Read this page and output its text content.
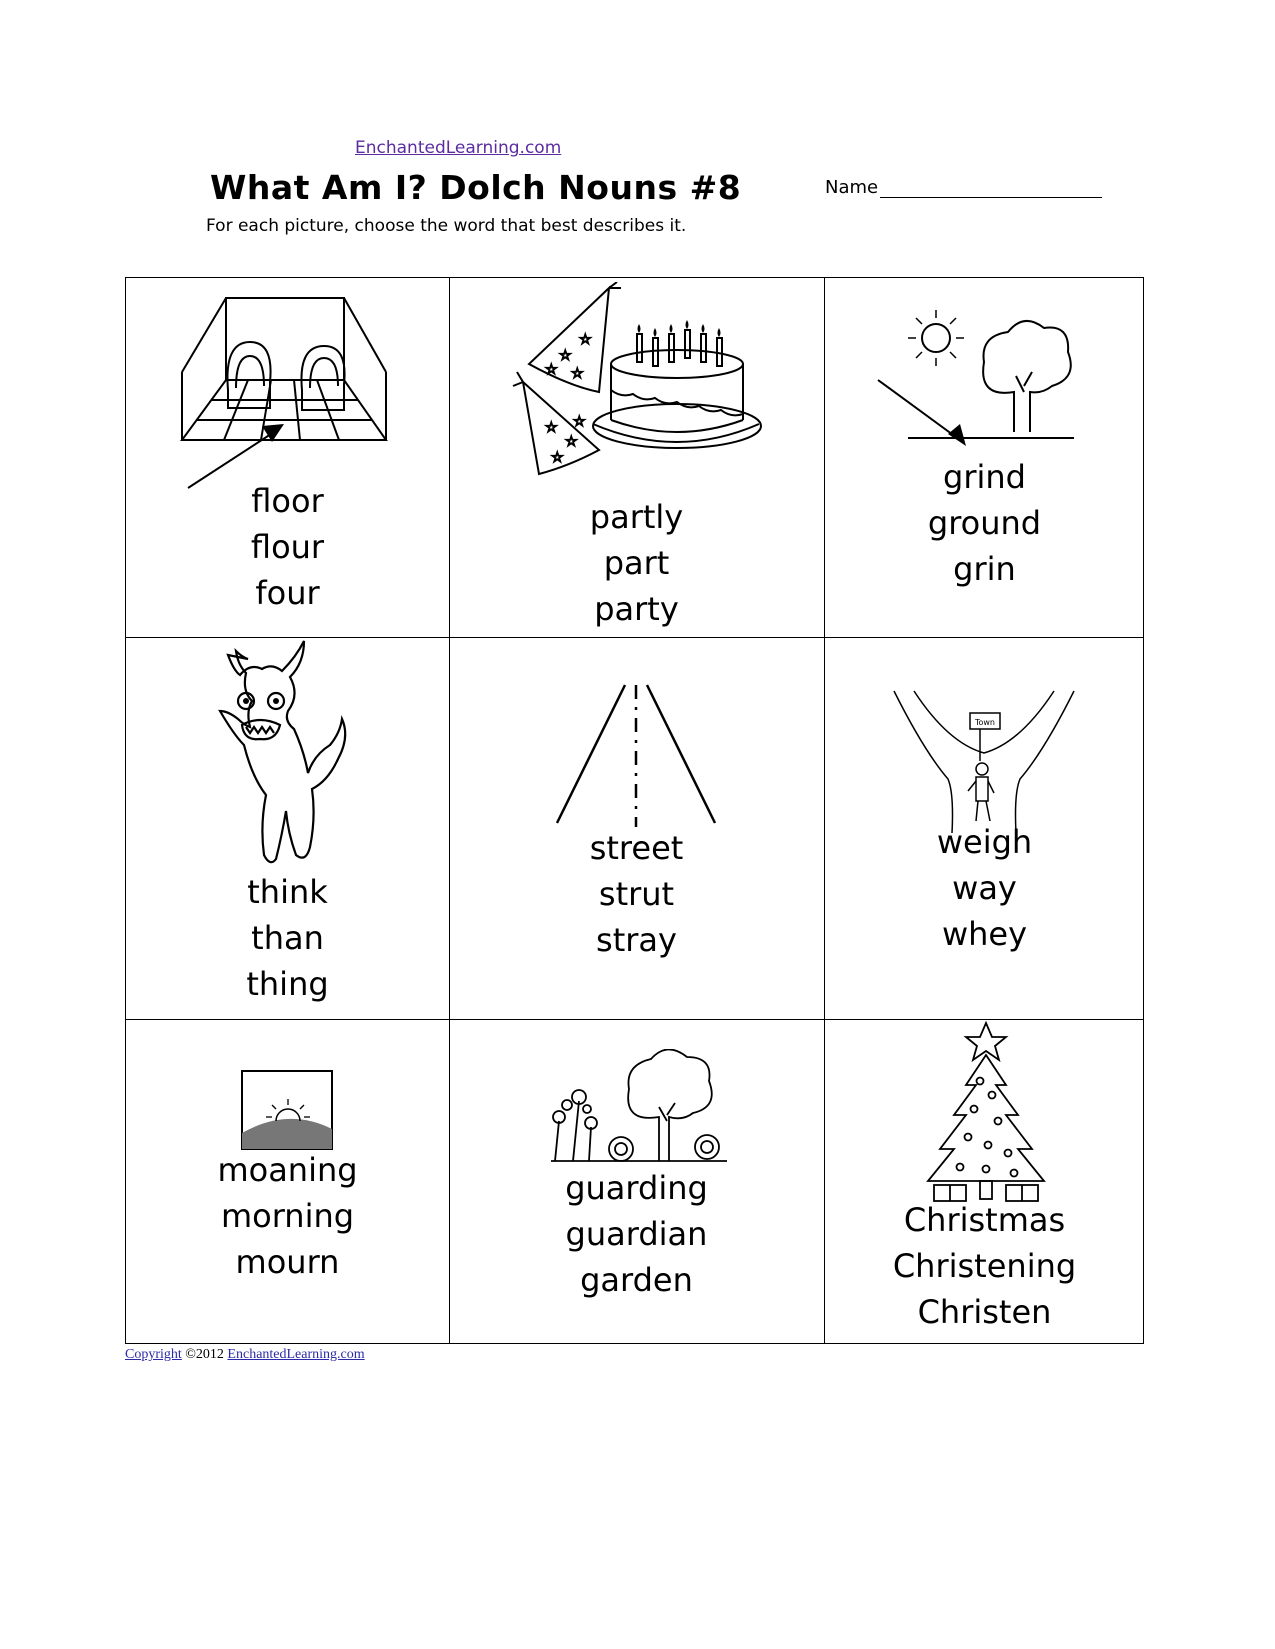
EnchantedLearning.com
What Am I? Dolch Nouns #8
For each picture, choose the word that best describes it.
Name
floor
flour
four
☆
☆
☆
☆
☆
☆
☆
☆
partly
part
party
grind
ground
grin
think
than
thing
street
strut
stray
Town
weigh
way
whey
moaning
morning
mourn
guarding
guardian
garden
Christmas
Christening
Christen
Copyright ©2012 EnchantedLearning.com
